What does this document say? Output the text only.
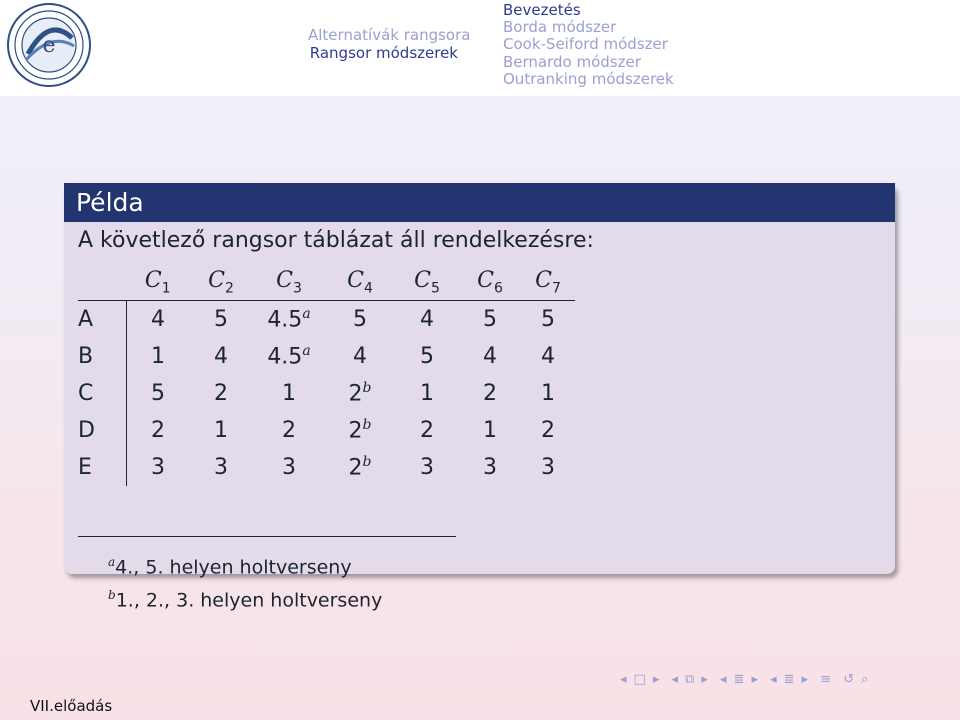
e	Alternatívák rangsora
Rangsor módszerek
Bevezetés
Borda módszer
Cook-Seiford módszer
Bernardo módszer
Outranking módszerek
Példa
A követlező rangsor táblázat áll rendelkezésre:
	$C_1$	$C_2$	$C_3$	$C_4$	$C_5$	$C_6$	$C_7$
A	4	5	4.5$^a$	5	4	5	5
B	1	4	4.5$^a$	4	5	4	4
C	5	2	1	2$^b$	1	2	1
D	2	1	2	2$^b$	2	1	2
E	3	3	3	2$^b$	3	3	3
$^a$4., 5. helyen holtverseny
$^b$1., 2., 3. helyen holtverseny
VII.előadás
◂ □ ▸ ◂ ⧉ ▸ ◂ ≣ ▸ ◂ ≣ ▸ ≡ ↺ ⌕
